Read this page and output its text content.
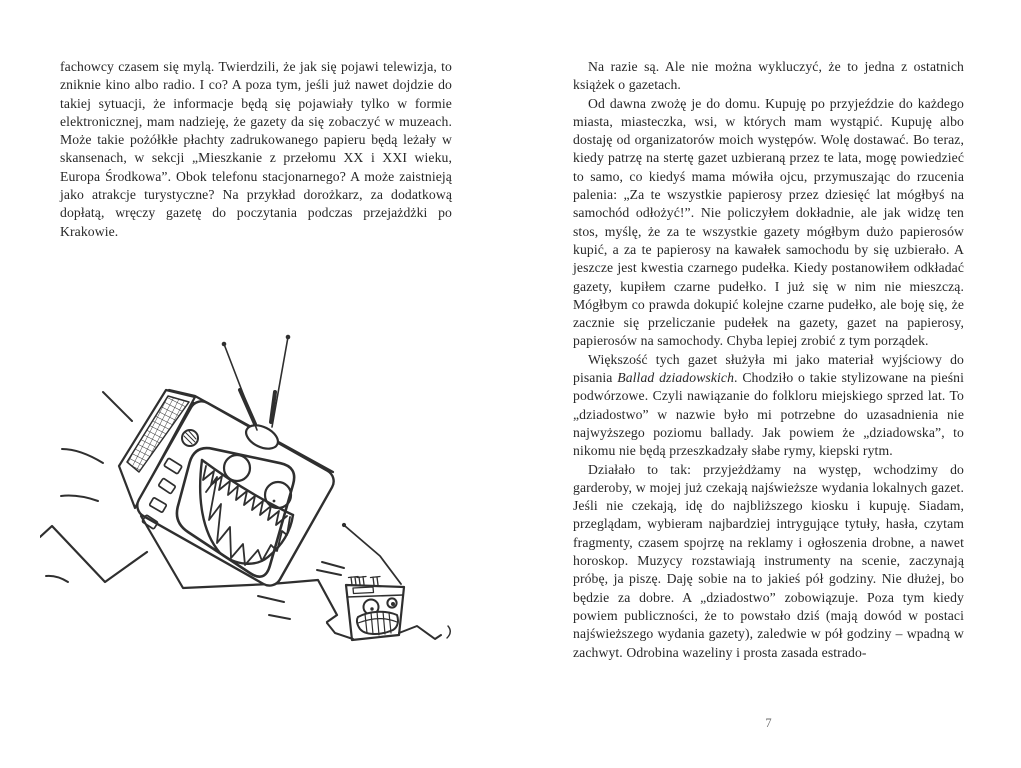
fachowcy czasem się mylą. Twierdzili, że jak się pojawi telewizja, to zniknie kino albo radio. I co? A poza tym, jeśli już nawet dojdzie do takiej sytuacji, że informacje będą się pojawiały tylko w formie elektronicznej, mam nadzieję, że gazety da się zobaczyć w muzeach. Może takie pożółkłe płachty zadrukowanego papieru będą leżały w skansenach, w sekcji „Mieszkanie z przełomu XX i XXI wieku, Europa Środkowa”. Obok telefonu stacjonarnego? A może zaistnieją jako atrakcje turystyczne? Na przykład dorożkarz, za dodatkową dopłatą, wręczy gazetę do poczytania podczas przejażdżki po Krakowie.

Na razie są. Ale nie można wykluczyć, że to jedna z ostatnich książek o gazetach.

Od dawna zwożę je do domu. Kupuję po przyjeździe do każdego miasta, miasteczka, wsi, w których mam wystąpić. Kupuję albo dostaję od organizatorów moich występów. Wolę dostawać. Bo teraz, kiedy patrzę na stertę gazet uzbieraną przez te lata, mogę powiedzieć to samo, co kiedyś mama mówiła ojcu, przymuszając do rzucenia palenia: „Za te wszystkie papierosy przez dziesięć lat mógłbyś na samochód odłożyć!”. Nie policzyłem dokładnie, ale jak widzę ten stos, myślę, że za te wszystkie gazety mógłbym dużo papierosów kupić, a za te papierosy na kawałek samochodu by się uzbierało. A jeszcze jest kwestia czarnego pudełka. Kiedy postanowiłem odkładać gazety, kupiłem czarne pudełko. I już się w nim nie mieszczą. Mógłbym co prawda dokupić kolejne czarne pudełko, ale boję się, że zacznie się przeliczanie pudełek na gazety, gazet na papierosy, papierosów na samochody. Chyba lepiej zrobić z tym porządek.

Większość tych gazet służyła mi jako materiał wyjściowy do pisania Ballad dziadowskich. Chodziło o takie stylizowane na pieśni podwórzowe. Czyli nawiązanie do folkloru miejskiego sprzed lat. To „dziadostwo” w nazwie było mi potrzebne do uzasadnienia nie najwyższego poziomu ballady. Jak powiem że „dziadowska”, to nikomu nie będą przeszkadzały słabe rymy, kiepski rytm.

Działało to tak: przyjeżdżamy na występ, wchodzimy do garderoby, w mojej już czekają najświeższe wydania lokalnych gazet. Jeśli nie czekają, idę do najbliższego kiosku i kupuję. Siadam, przeglądam, wybieram najbardziej intrygujące tytuły, hasła, czytam fragmenty, czasem spojrzę na reklamy i ogłoszenia drobne, a nawet horoskop. Muzycy rozstawiają instrumenty na scenie, zaczynają próbę, ja piszę. Daję sobie na to jakieś pół godziny. Nie dłużej, bo będzie za dobre. A „dziadostwo” zobowiązuje. Poza tym kiedy powiem publiczności, że to powstało dziś (mają dowód w postaci najświeższego wydania gazety), zaledwie w pół godziny – wpadną w zachwyt. Odrobina wazeliny i prosta zasada estrado-

7
